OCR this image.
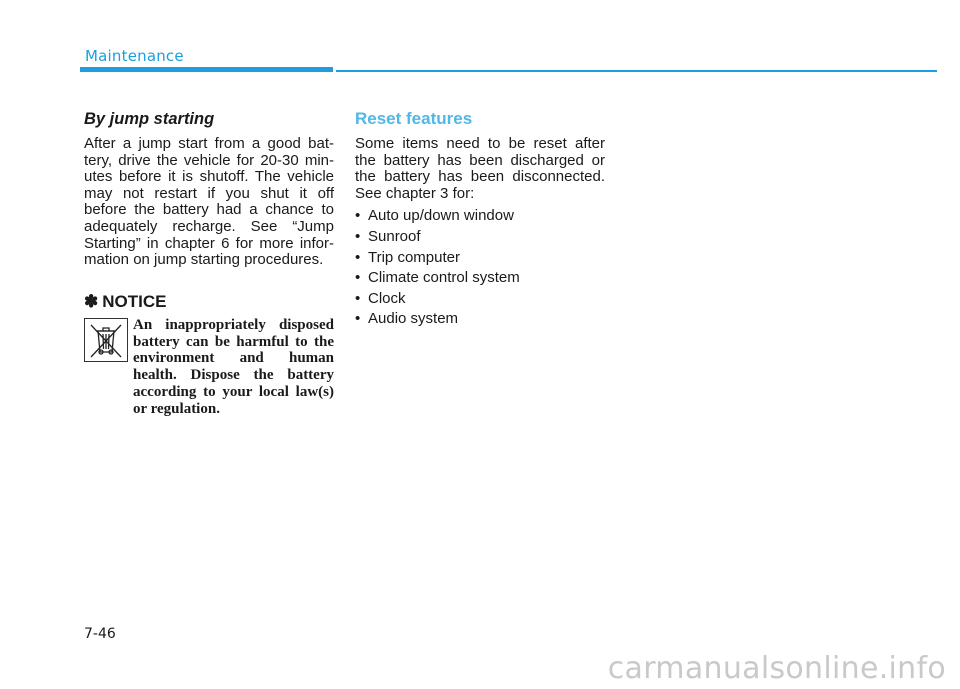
Maintenance
By jump starting

After a jump start from a good battery, drive the vehicle for 20-30 minutes before it is shutoff. The vehicle may not restart if you shut it off before the battery had a chance to adequately recharge. See “Jump Starting” in chapter 6 for more information on jump starting procedures.

✽ NOTICE
An inappropriately disposed battery can be harmful to the environment and human health. Dispose the battery according to your local law(s) or regulation.
Reset features

Some items need to be reset after the battery has been discharged or the battery has been disconnected. See chapter 3 for:

• Auto up/down window
• Sunroof
• Trip computer
• Climate control system
• Clock
• Audio system
7-46
carmanualsonline.info
